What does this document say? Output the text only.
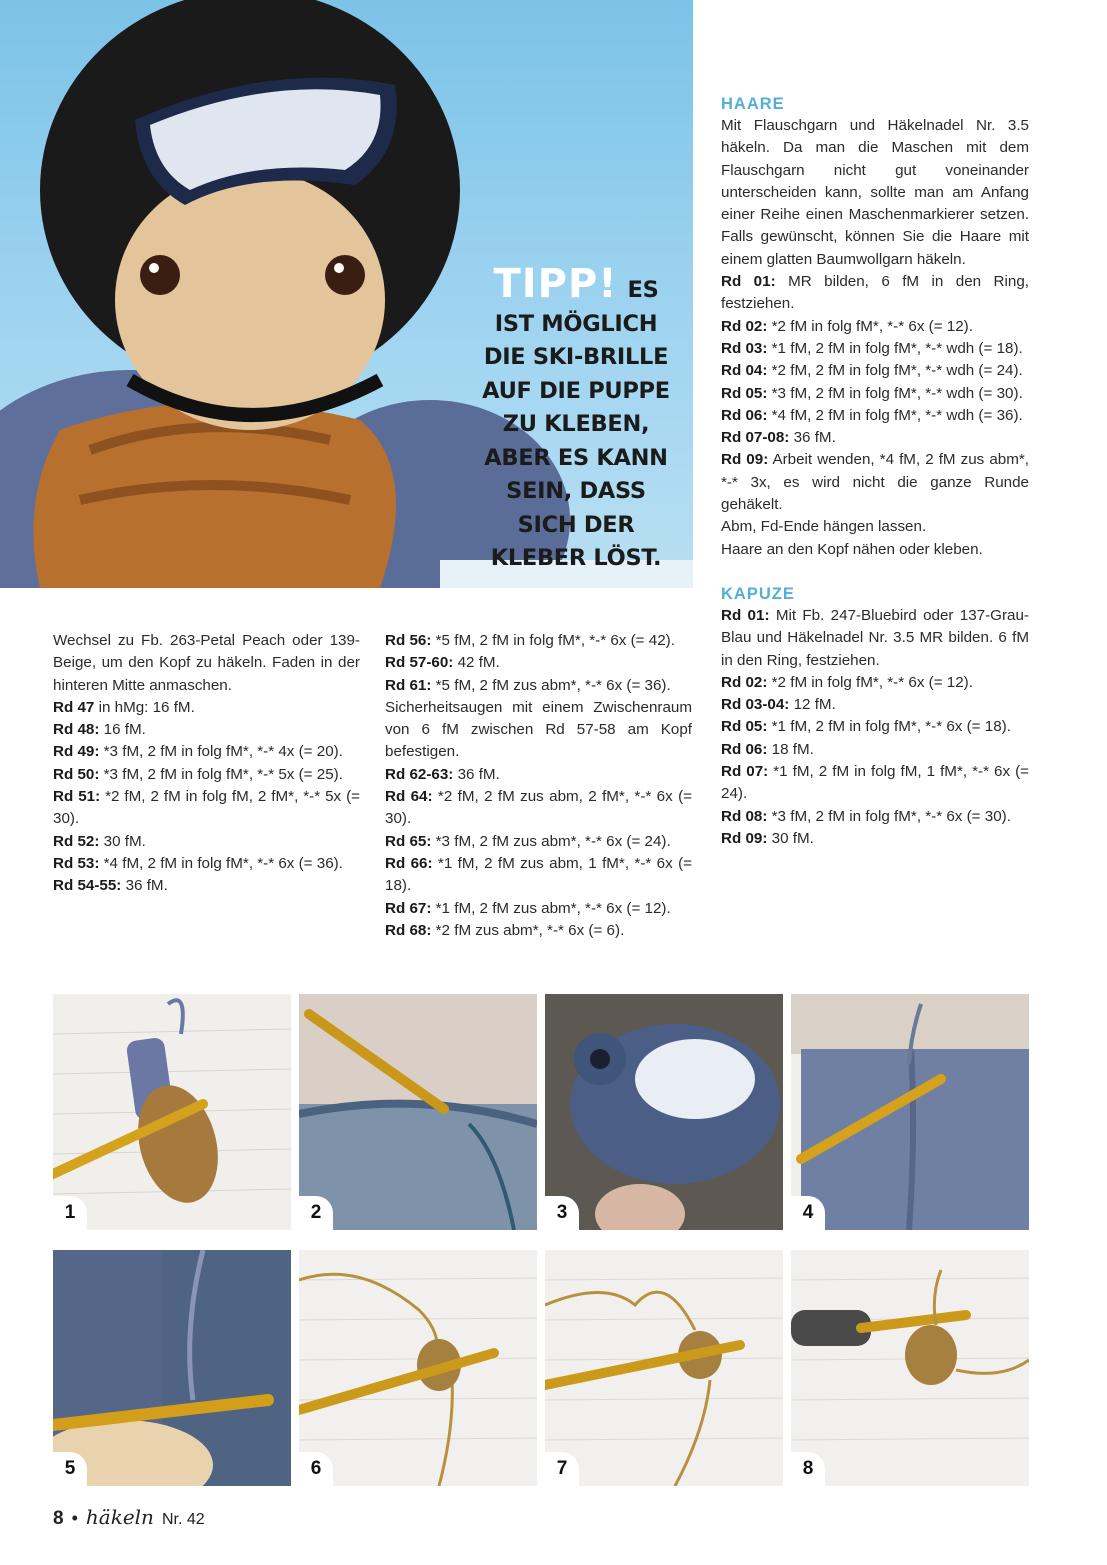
TIPP! ES IST MÖGLICH DIE SKI-BRILLE AUF DIE PUPPE ZU KLEBEN, ABER ES KANN SEIN, DASS SICH DER KLEBER LÖST.

Wechsel zu Fb. 263-Petal Peach oder 139-Beige, um den Kopf zu häkeln. Faden in der hinteren Mitte anmaschen.

Rd 47 in hMg: 16 fM.

Rd 48: 16 fM.

Rd 49: *3 fM, 2 fM in folg fM*, *-* 4x (= 20).

Rd 50: *3 fM, 2 fM in folg fM*, *-* 5x (= 25).

Rd 51: *2 fM, 2 fM in folg fM, 2 fM*, *-* 5x (= 30).

Rd 52: 30 fM.

Rd 53: *4 fM, 2 fM in folg fM*, *-* 6x (= 36).

Rd 54-55: 36 fM.

Rd 56: *5 fM, 2 fM in folg fM*, *-* 6x (= 42).

Rd 57-60: 42 fM.

Rd 61: *5 fM, 2 fM zus abm*, *-* 6x (= 36).

Sicherheitsaugen mit einem Zwischenraum von 6 fM zwischen Rd 57-58 am Kopf befestigen.

Rd 62-63: 36 fM.

Rd 64: *2 fM, 2 fM zus abm, 2 fM*, *-* 6x (= 30).

Rd 65: *3 fM, 2 fM zus abm*, *-* 6x (= 24).

Rd 66: *1 fM, 2 fM zus abm, 1 fM*, *-* 6x (= 18).

Rd 67: *1 fM, 2 fM zus abm*, *-* 6x (= 12).

Rd 68: *2 fM zus abm*, *-* 6x (= 6).

HAARE

Mit Flauschgarn und Häkelnadel Nr. 3.5 häkeln. Da man die Maschen mit dem Flauschgarn nicht gut voneinander unterscheiden kann, sollte man am Anfang einer Reihe einen Maschenmarkierer setzen. Falls gewünscht, können Sie die Haare mit einem glatten Baumwollgarn häkeln.

Rd 01: MR bilden, 6 fM in den Ring, festziehen.

Rd 02: *2 fM in folg fM*, *-* 6x (= 12).

Rd 03: *1 fM, 2 fM in folg fM*, *-* wdh (= 18).

Rd 04: *2 fM, 2 fM in folg fM*, *-* wdh (= 24).

Rd 05: *3 fM, 2 fM in folg fM*, *-* wdh (= 30).

Rd 06: *4 fM, 2 fM in folg fM*, *-* wdh (= 36).

Rd 07-08: 36 fM.

Rd 09: Arbeit wenden, *4 fM, 2 fM zus abm*, *-* 3x, es wird nicht die ganze Runde gehäkelt.

Abm, Fd-Ende hängen lassen.

Haare an den Kopf nähen oder kleben.

KAPUZE

Rd 01: Mit Fb. 247-Bluebird oder 137-Grau-Blau und Häkelnadel Nr. 3.5 MR bilden. 6 fM in den Ring, festziehen.

Rd 02: *2 fM in folg fM*, *-* 6x (= 12).

Rd 03-04: 12 fM.

Rd 05: *1 fM, 2 fM in folg fM*, *-* 6x (= 18).

Rd 06: 18 fM.

Rd 07: *1 fM, 2 fM in folg fM, 1 fM*, *-* 6x (= 24).

Rd 08: *3 fM, 2 fM in folg fM*, *-* 6x (= 30).

Rd 09: 30 fM.

1	2	3	4
5	6	7	8
8 • häkeln Nr. 42
